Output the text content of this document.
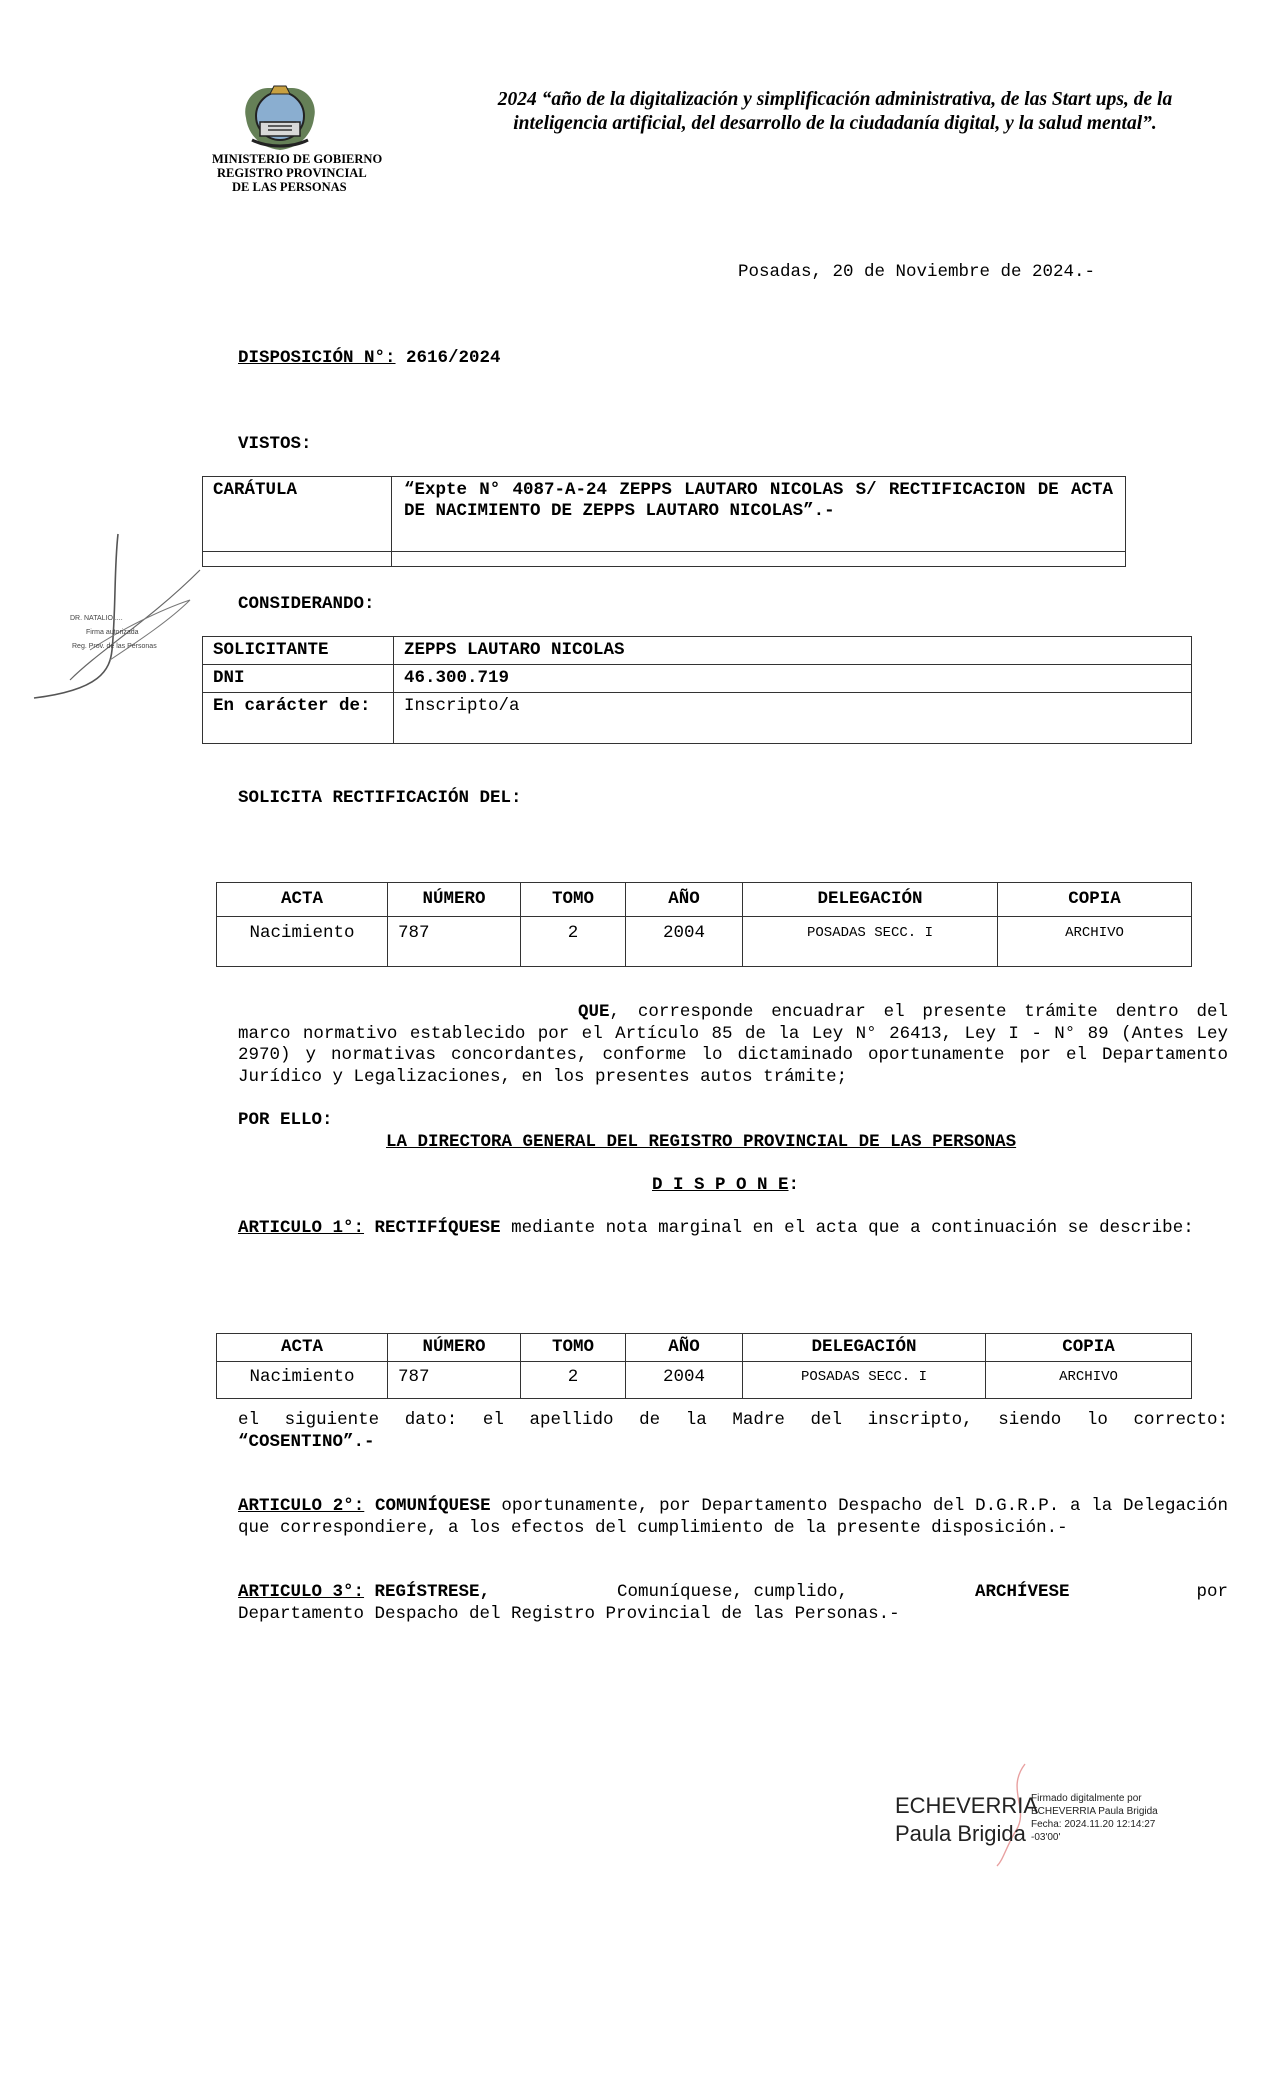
MINISTERIO DE GOBIERNO
REGISTRO PROVINCIAL
DE LAS PERSONAS
2024 “año de la digitalización y simplificación administrativa, de las Start ups, de la inteligencia artificial, del desarrollo de la ciudadanía digital, y la salud mental”.
Posadas, 20 de Noviembre de 2024.-
DISPOSICIÓN N°: 2616/2024
VISTOS:
CARÁTULA	“Expte N° 4087-A-24 ZEPPS LAUTARO NICOLAS S/ RECTIFICACION DE ACTA DE NACIMIENTO DE ZEPPS LAUTARO NICOLAS”.-

DR. NATALIO ....
Firma autorizada
Reg. Prov. de las Personas
CONSIDERANDO:
SOLICITANTE	ZEPPS LAUTARO NICOLAS
DNI	46.300.719
En carácter de:	Inscripto/a
SOLICITA RECTIFICACIÓN DEL:
ACTA	NÚMERO	TOMO	AÑO	DELEGACIÓN	COPIA
Nacimiento	787	2	2004	POSADAS SECC. I	ARCHIVO
QUE, corresponde encuadrar el presente trámite dentro del marco normativo establecido por el Artículo 85 de la Ley N° 26413, Ley I - N° 89 (Antes Ley 2970) y normativas concordantes, conforme lo dictaminado oportunamente por el Departamento Jurídico y Legalizaciones, en los presentes autos trámite;
POR ELLO:
LA DIRECTORA GENERAL DEL REGISTRO PROVINCIAL DE LAS PERSONAS
D I S P O N E:
ARTICULO 1°: RECTIFÍQUESE mediante nota marginal en el acta que a continuación se describe:
ACTA	NÚMERO	TOMO	AÑO	DELEGACIÓN	COPIA
Nacimiento	787	2	2004	POSADAS SECC. I	ARCHIVO
el siguiente dato: el apellido de la Madre del inscripto, siendo lo correcto:
“COSENTINO”.-
ARTICULO 2°: COMUNÍQUESE oportunamente, por Departamento Despacho del D.G.R.P. a la Delegación que correspondiere, a los efectos del cumplimiento de la presente disposición.-
ARTICULO 3°: REGÍSTRESE,	Comuníquese, cumplido,	ARCHÍVESE	por
Departamento Despacho del Registro Provincial de las Personas.-
ECHEVERRIA
Paula Brigida
Firmado digitalmente por
ECHEVERRIA Paula Brigida
Fecha: 2024.11.20 12:14:27
-03'00'
